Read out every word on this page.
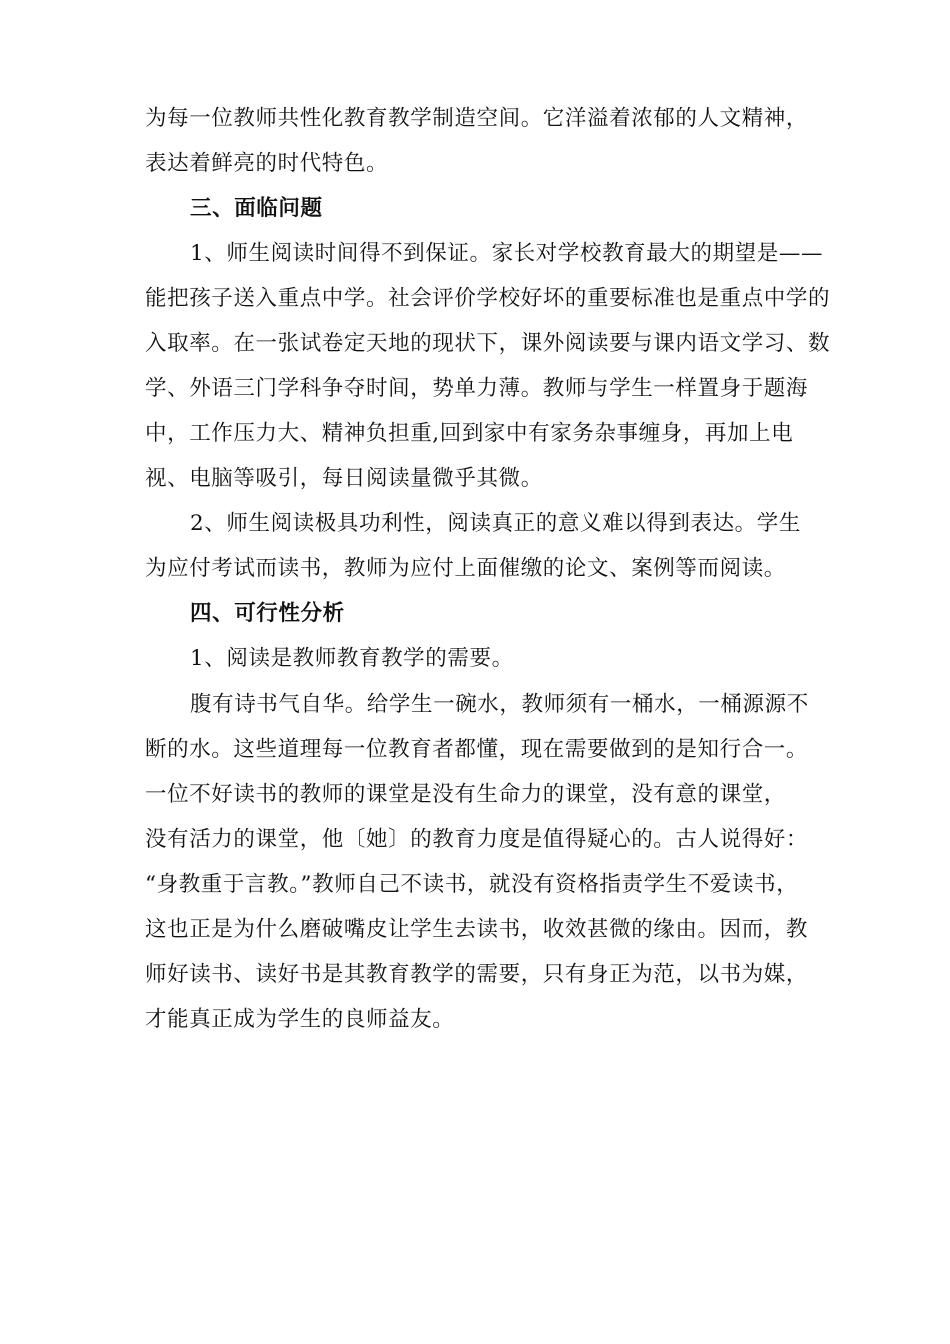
为每一位教师共性化教育教学制造空间。它洋溢着浓郁的人文精神，
表达着鲜亮的时代特色。
三、面临问题
1、师生阅读时间得不到保证。家长对学校教育最大的期望是——
能把孩子送入重点中学。社会评价学校好坏的重要标准也是重点中学的
入取率。在一张试卷定天地的现状下，课外阅读要与课内语文学习、数
学、外语三门学科争夺时间，势单力薄。教师与学生一样置身于题海
中，工作压力大、精神负担重,回到家中有家务杂事缠身，再加上电
视、电脑等吸引，每日阅读量微乎其微。
2、师生阅读极具功利性，阅读真正的意义难以得到表达。学生
为应付考试而读书，教师为应付上面催缴的论文、案例等而阅读。
四、可行性分析
1、阅读是教师教育教学的需要。
腹有诗书气自华。给学生一碗水，教师须有一桶水，一桶源源不
断的水。这些道理每一位教育者都懂，现在需要做到的是知行合一。
一位不好读书的教师的课堂是没有生命力的课堂，没有意的课堂，
没有活力的课堂，他〔她〕的教育力度是值得疑心的。古人说得好：
“身教重于言教。”教师自己不读书，就没有资格指责学生不爱读书，
这也正是为什么磨破嘴皮让学生去读书，收效甚微的缘由。因而，教
师好读书、读好书是其教育教学的需要，只有身正为范，以书为媒，
才能真正成为学生的良师益友。
